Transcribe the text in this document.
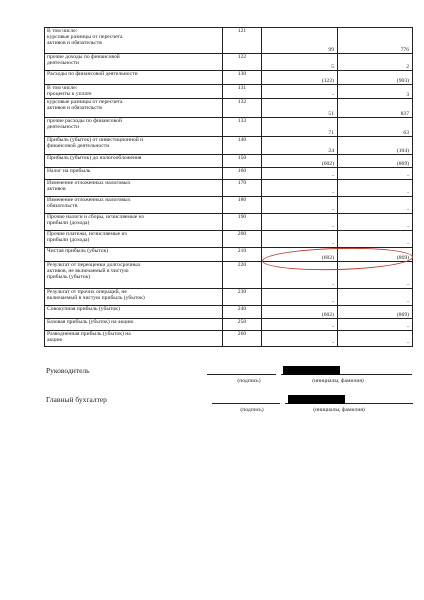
В том числе:
курсовые разницы от пересчета
активов и обязательств	121	99	776
прочие доходы по финансовой
деятельности	122	5	2
Расходы по финансовой деятельности	130	(122)	(903)
В том числе:
проценты к уплате	131	-	3
курсовые разницы от пересчета
активов и обязательств	132	51	837
прочие расходы по финансовой
деятельности	133	71	63
Прибыль (убыток) от инвестиционной и
финансовой деятельности	140	24	(104)
Прибыль (убыток) до налогообложения	150	(602)	(869)
Налог на прибыль	160	-	-
Изменение отложенных налоговых
активов	170	-	-
Изменение отложенных налоговых
обязательств	180	-	-
Прочие налоги и сборы, исчисляемые из
прибыли (дохода)	190	-	-
Прочие платежи, исчисляемые из
прибыли (дохода)	200	-	-
Чистая прибыль (убыток)	210	(602)	(869)
Результат от переоценки долгосрочных
активов, не включаемый в чистую
прибыль (убыток)	220	-	-
Результат от прочих операций, не
включаемый в чистую прибыль (убыток)	230	-	-
Совокупная прибыль (убыток)	240	(602)	(869)
Базовая прибыль (убыток) на акцию	250	-	-
Разводненная прибыль (убыток) на
акцию	260	-	-
Руководитель
(подпись)	(инициалы, фамилия)
Главный бухгалтер
(подпись)	(инициалы, фамилия)
